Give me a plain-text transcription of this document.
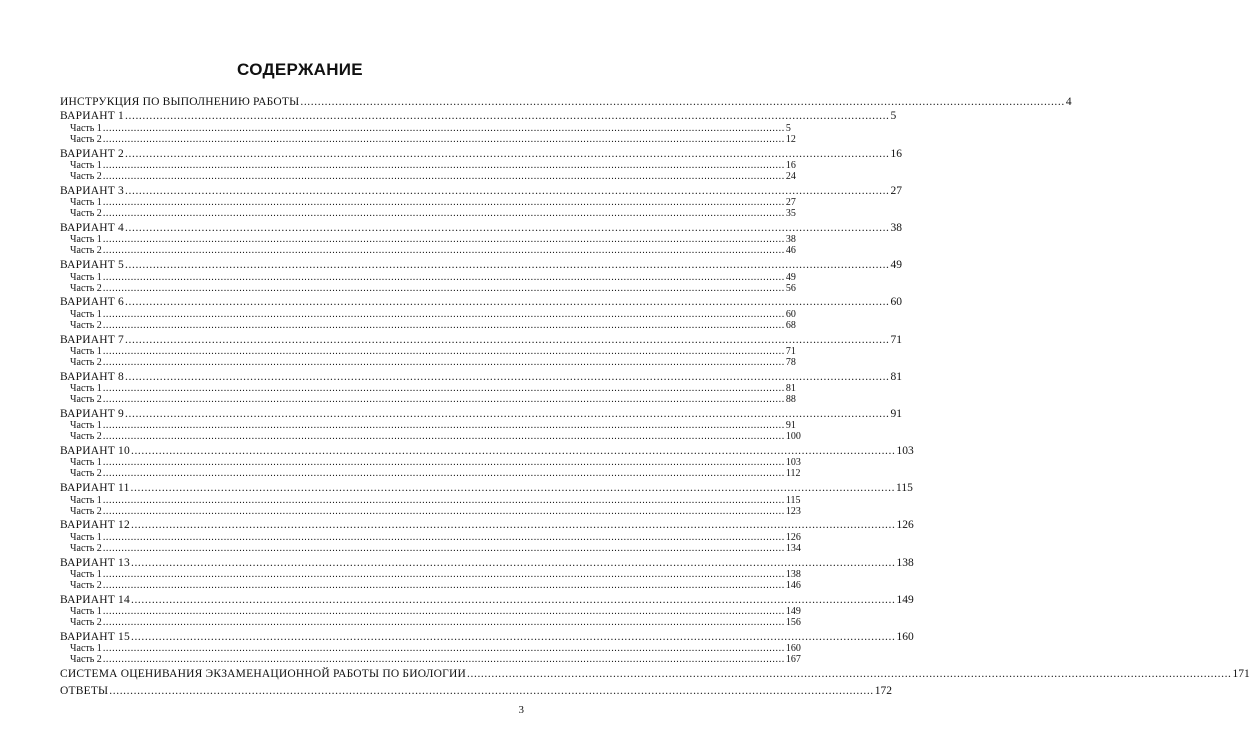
СОДЕРЖАНИЕ
ИНСТРУКЦИЯ ПО ВЫПОЛНЕНИЮ РАБОТЫ ............................................................................................................................................................................................................................ 4
ВАРИАНТ 1 ............................................................................................................................................................................................................................ 5
Часть 1 ............................................................................................................................................................................................................................ 5
Часть 2 ............................................................................................................................................................................................................................ 12
ВАРИАНТ 2 ............................................................................................................................................................................................................................ 16
Часть 1 ............................................................................................................................................................................................................................ 16
Часть 2 ............................................................................................................................................................................................................................ 24
ВАРИАНТ 3 ............................................................................................................................................................................................................................ 27
Часть 1 ............................................................................................................................................................................................................................ 27
Часть 2 ............................................................................................................................................................................................................................ 35
ВАРИАНТ 4 ............................................................................................................................................................................................................................ 38
Часть 1 ............................................................................................................................................................................................................................ 38
Часть 2 ............................................................................................................................................................................................................................ 46
ВАРИАНТ 5 ............................................................................................................................................................................................................................ 49
Часть 1 ............................................................................................................................................................................................................................ 49
Часть 2 ............................................................................................................................................................................................................................ 56
ВАРИАНТ 6 ............................................................................................................................................................................................................................ 60
Часть 1 ............................................................................................................................................................................................................................ 60
Часть 2 ............................................................................................................................................................................................................................ 68
ВАРИАНТ 7 ............................................................................................................................................................................................................................ 71
Часть 1 ............................................................................................................................................................................................................................ 71
Часть 2 ............................................................................................................................................................................................................................ 78
ВАРИАНТ 8 ............................................................................................................................................................................................................................ 81
Часть 1 ............................................................................................................................................................................................................................ 81
Часть 2 ............................................................................................................................................................................................................................ 88
ВАРИАНТ 9 ............................................................................................................................................................................................................................ 91
Часть 1 ............................................................................................................................................................................................................................ 91
Часть 2 ............................................................................................................................................................................................................................ 100
ВАРИАНТ 10 ............................................................................................................................................................................................................................ 103
Часть 1 ............................................................................................................................................................................................................................ 103
Часть 2 ............................................................................................................................................................................................................................ 112
ВАРИАНТ 11 ............................................................................................................................................................................................................................ 115
Часть 1 ............................................................................................................................................................................................................................ 115
Часть 2 ............................................................................................................................................................................................................................ 123
ВАРИАНТ 12 ............................................................................................................................................................................................................................ 126
Часть 1 ............................................................................................................................................................................................................................ 126
Часть 2 ............................................................................................................................................................................................................................ 134
ВАРИАНТ 13 ............................................................................................................................................................................................................................ 138
Часть 1 ............................................................................................................................................................................................................................ 138
Часть 2 ............................................................................................................................................................................................................................ 146
ВАРИАНТ 14 ............................................................................................................................................................................................................................ 149
Часть 1 ............................................................................................................................................................................................................................ 149
Часть 2 ............................................................................................................................................................................................................................ 156
ВАРИАНТ 15 ............................................................................................................................................................................................................................ 160
Часть 1 ............................................................................................................................................................................................................................ 160
Часть 2 ............................................................................................................................................................................................................................ 167
СИСТЕМА ОЦЕНИВАНИЯ ЭКЗАМЕНАЦИОННОЙ РАБОТЫ ПО БИОЛОГИИ ............................................................................................................................................................................................................................ 171
ОТВЕТЫ ............................................................................................................................................................................................................................ 172
3
